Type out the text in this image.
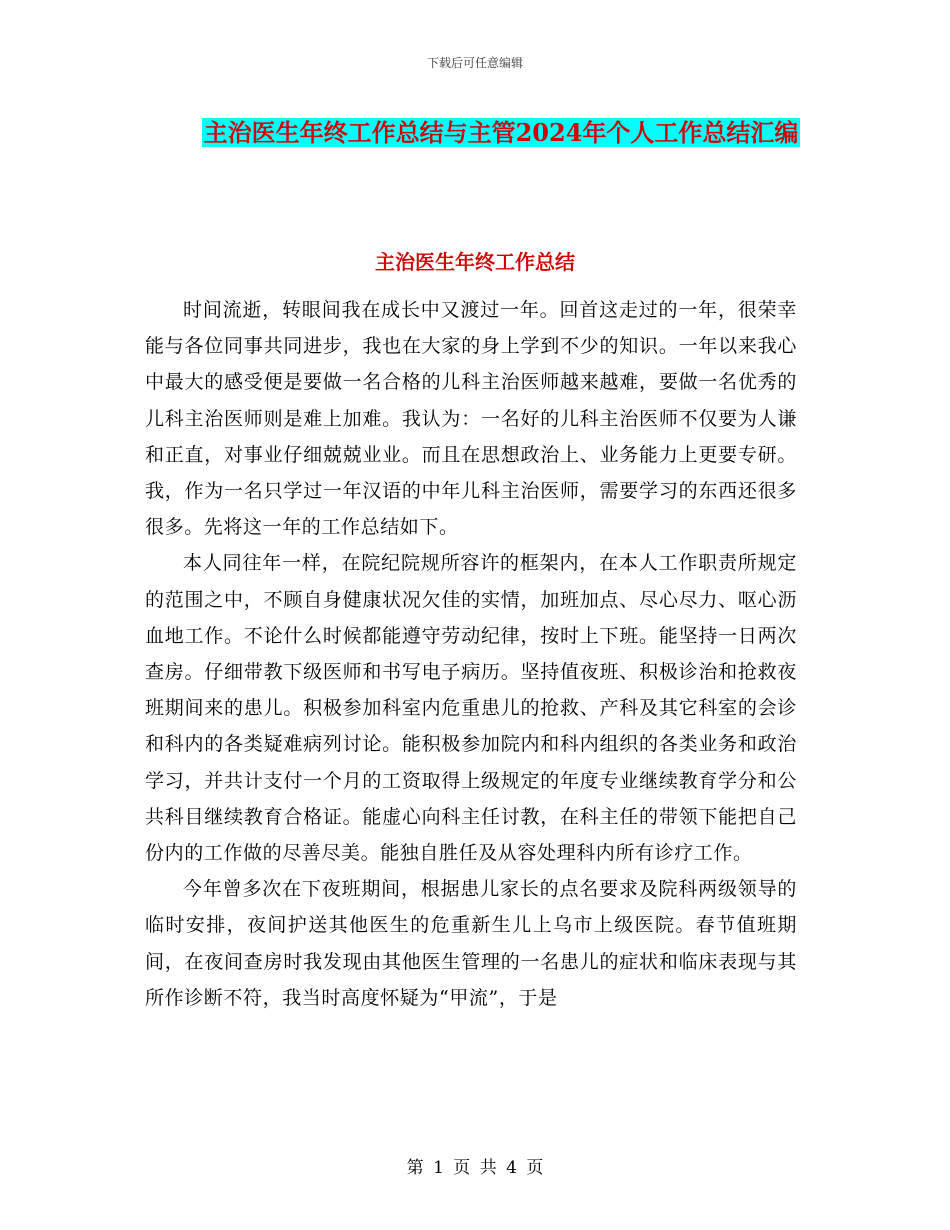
下载后可任意编辑
主治医生年终工作总结与主管2024年个人工作总结汇编
主治医生年终工作总结

时间流逝，转眼间我在成长中又渡过一年。回首这走过的一年，很荣幸能与各位同事共同进步，我也在大家的身上学到不少的知识。一年以来我心中最大的感受便是要做一名合格的儿科主治医师越来越难，要做一名优秀的儿科主治医师则是难上加难。我认为：一名好的儿科主治医师不仅要为人谦和正直，对事业仔细兢兢业业。而且在思想政治上、业务能力上更要专研。我，作为一名只学过一年汉语的中年儿科主治医师，需要学习的东西还很多很多。先将这一年的工作总结如下。

本人同往年一样，在院纪院规所容许的框架内，在本人工作职责所规定的范围之中，不顾自身健康状况欠佳的实情，加班加点、尽心尽力、呕心沥血地工作。不论什么时候都能遵守劳动纪律，按时上下班。能坚持一日两次查房。仔细带教下级医师和书写电子病历。坚持值夜班、积极诊治和抢救夜班期间来的患儿。积极参加科室内危重患儿的抢救、产科及其它科室的会诊和科内的各类疑难病列讨论。能积极参加院内和科内组织的各类业务和政治学习，并共计支付一个月的工资取得上级规定的年度专业继续教育学分和公共科目继续教育合格证。能虚心向科主任讨教，在科主任的带领下能把自己份内的工作做的尽善尽美。能独自胜任及从容处理科内所有诊疗工作。

今年曾多次在下夜班期间，根据患儿家长的点名要求及院科两级领导的临时安排，夜间护送其他医生的危重新生儿上乌市上级医院。春节值班期间，在夜间查房时我发现由其他医生管理的一名患儿的症状和临床表现与其所作诊断不符，我当时高度怀疑为“甲流”，于是

第 1 页 共 4 页
